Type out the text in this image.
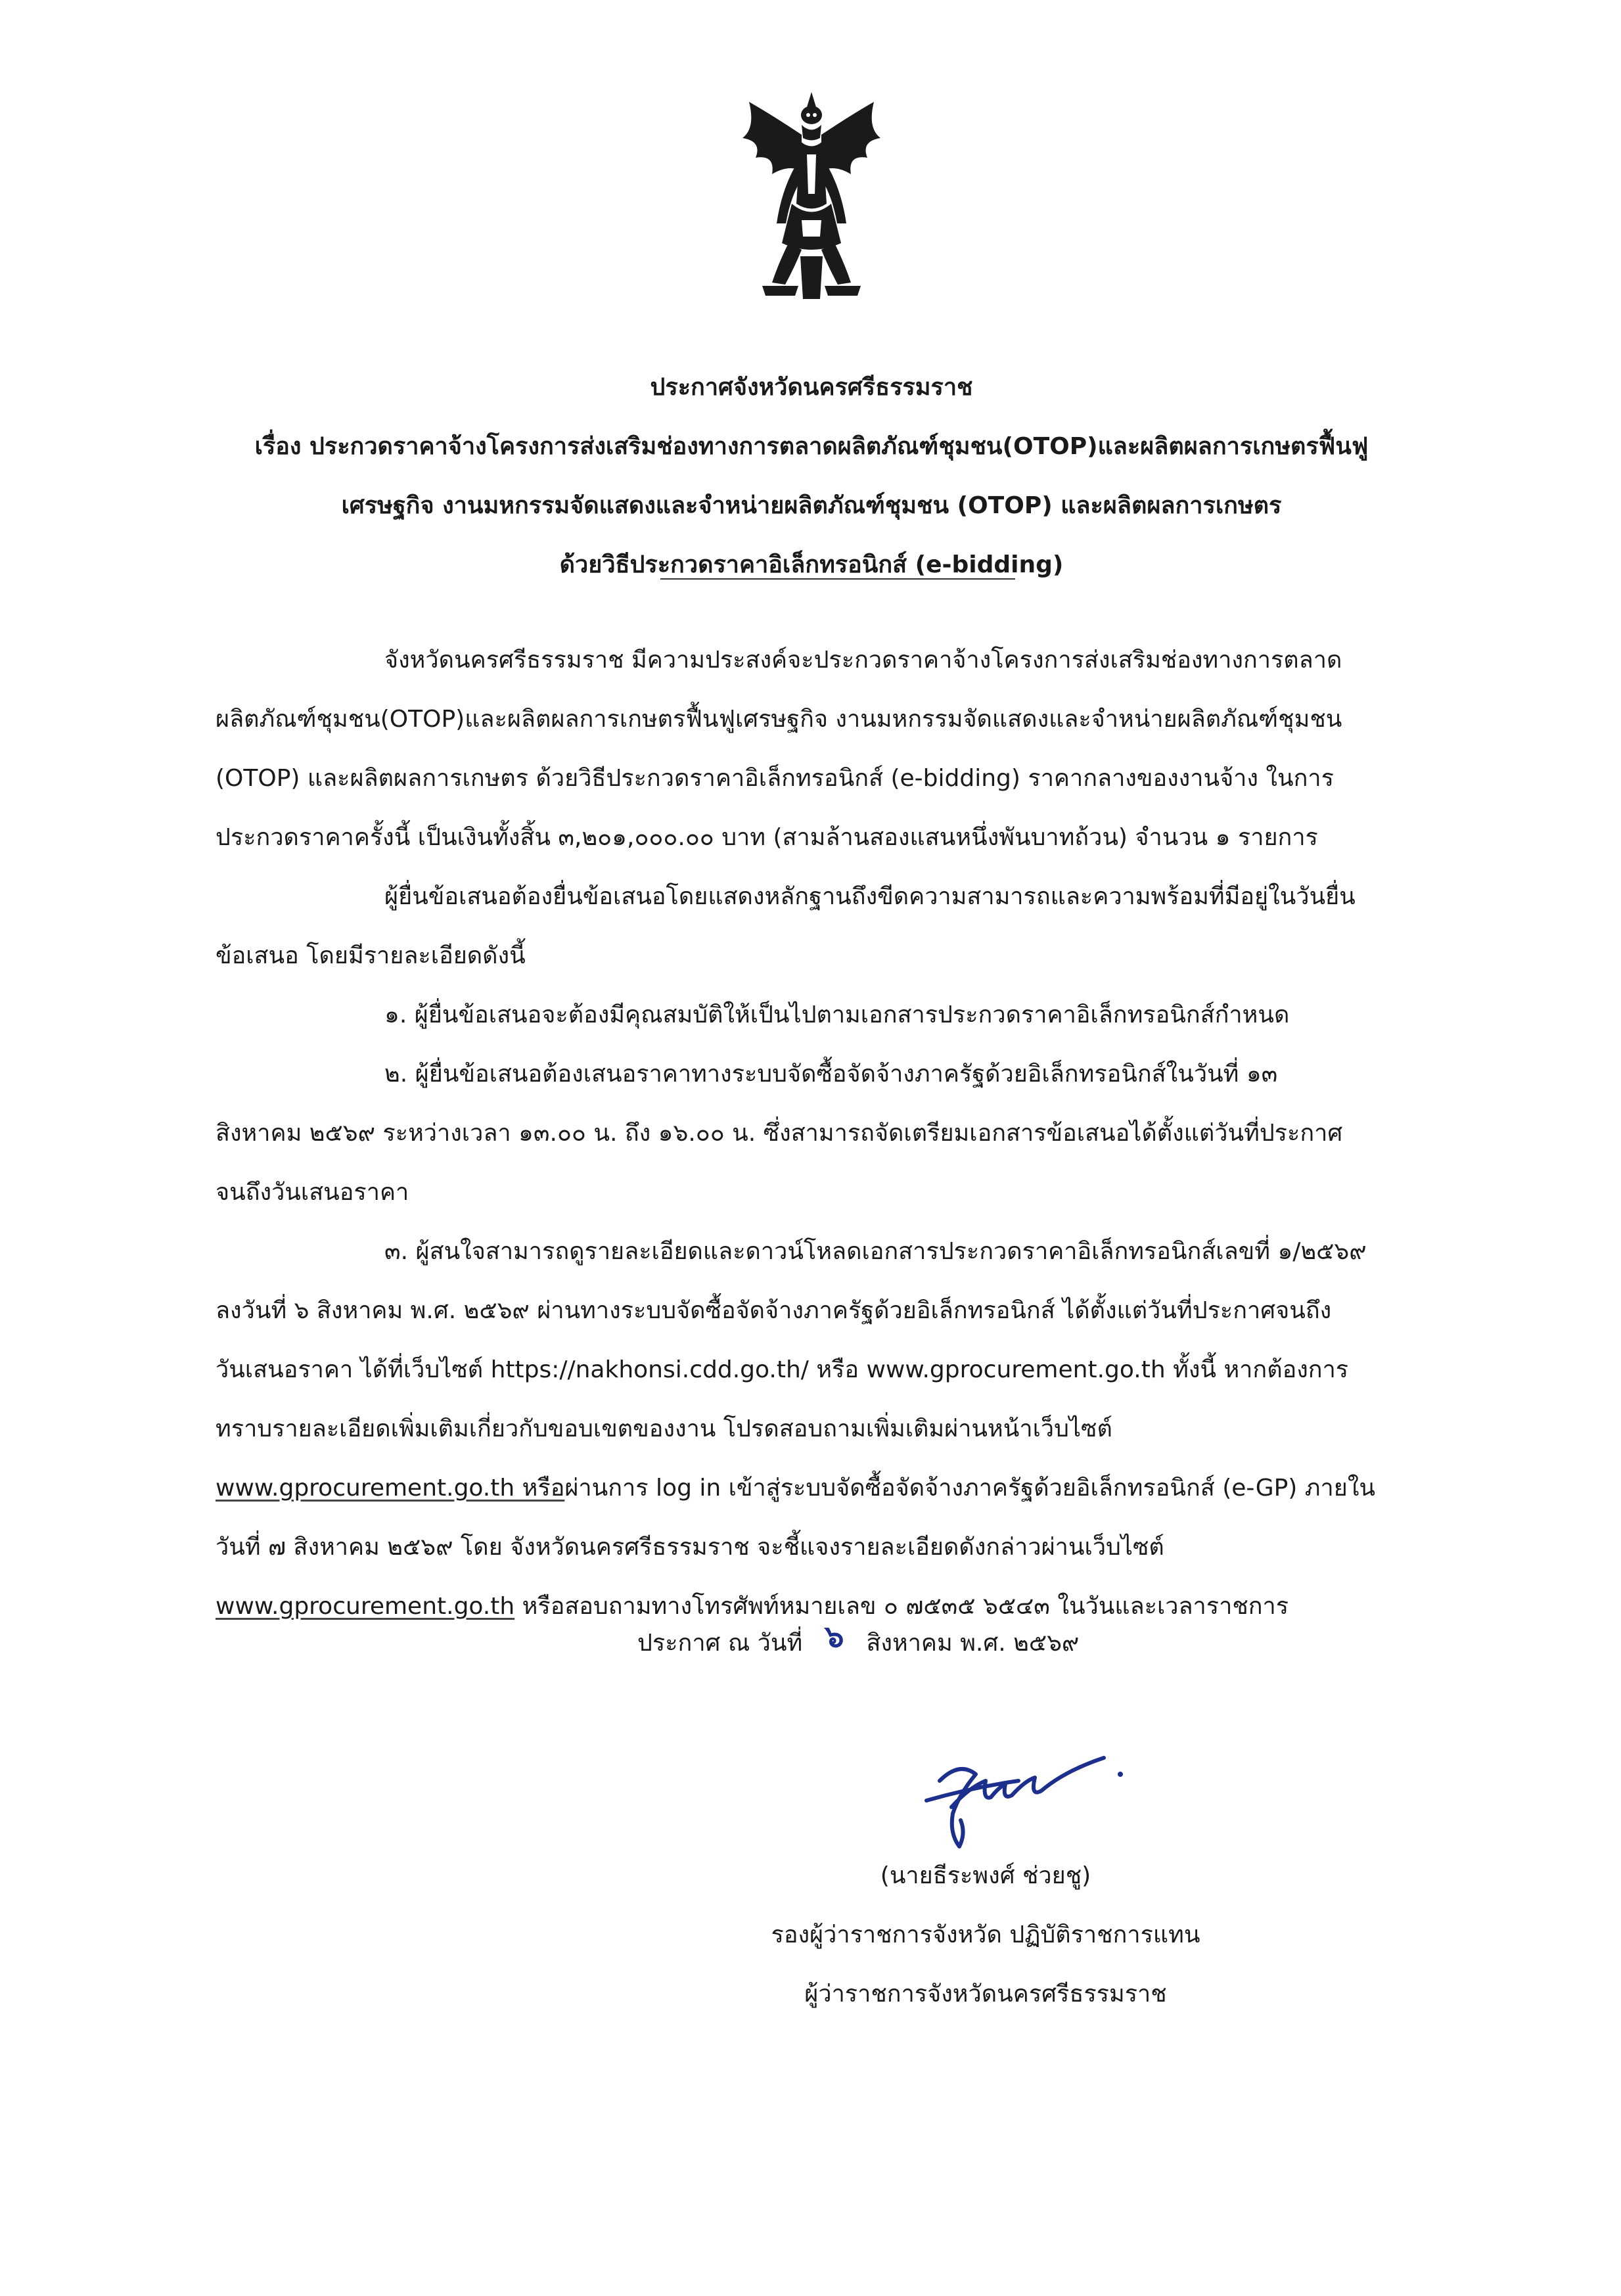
ประกาศจังหวัดนครศรีธรรมราช

เรื่อง ประกวดราคาจ้างโครงการส่งเสริมช่องทางการตลาดผลิตภัณฑ์ชุมชน(OTOP)และผลิตผลการเกษตรฟื้นฟู

เศรษฐกิจ งานมหกรรมจัดแสดงและจำหน่ายผลิตภัณฑ์ชุมชน (OTOP) และผลิตผลการเกษตร

ด้วยวิธีประกวดราคาอิเล็กทรอนิกส์ (e-bidding)

จังหวัดนครศรีธรรมราช มีความประสงค์จะประกวดราคาจ้างโครงการส่งเสริมช่องทางการตลาด

ผลิตภัณฑ์ชุมชน(OTOP)และผลิตผลการเกษตรฟื้นฟูเศรษฐกิจ งานมหกรรมจัดแสดงและจำหน่ายผลิตภัณฑ์ชุมชน

(OTOP) และผลิตผลการเกษตร ด้วยวิธีประกวดราคาอิเล็กทรอนิกส์ (e-bidding) ราคากลางของงานจ้าง ในการ

ประกวดราคาครั้งนี้ เป็นเงินทั้งสิ้น ๓,๒๐๑,๐๐๐.๐๐ บาท (สามล้านสองแสนหนึ่งพันบาทถ้วน) จำนวน ๑ รายการ

ผู้ยื่นข้อเสนอต้องยื่นข้อเสนอโดยแสดงหลักฐานถึงขีดความสามารถและความพร้อมที่มีอยู่ในวันยื่น

ข้อเสนอ โดยมีรายละเอียดดังนี้

๑. ผู้ยื่นข้อเสนอจะต้องมีคุณสมบัติให้เป็นไปตามเอกสารประกวดราคาอิเล็กทรอนิกส์กำหนด

๒. ผู้ยื่นข้อเสนอต้องเสนอราคาทางระบบจัดซื้อจัดจ้างภาครัฐด้วยอิเล็กทรอนิกส์ในวันที่ ๑๓

สิงหาคม ๒๕๖๙ ระหว่างเวลา ๑๓.๐๐ น. ถึง ๑๖.๐๐ น. ซึ่งสามารถจัดเตรียมเอกสารข้อเสนอได้ตั้งแต่วันที่ประกาศ

จนถึงวันเสนอราคา

๓. ผู้สนใจสามารถดูรายละเอียดและดาวน์โหลดเอกสารประกวดราคาอิเล็กทรอนิกส์เลขที่ ๑/๒๕๖๙

ลงวันที่ ๖ สิงหาคม พ.ศ. ๒๕๖๙ ผ่านทางระบบจัดซื้อจัดจ้างภาครัฐด้วยอิเล็กทรอนิกส์ ได้ตั้งแต่วันที่ประกาศจนถึง

วันเสนอราคา ได้ที่เว็บไซต์ https://nakhonsi.cdd.go.th/ หรือ www.gprocurement.go.th ทั้งนี้ หากต้องการ

ทราบรายละเอียดเพิ่มเติมเกี่ยวกับขอบเขตของงาน โปรดสอบถามเพิ่มเติมผ่านหน้าเว็บไซต์

www.gprocurement.go.th หรือผ่านการ log in เข้าสู่ระบบจัดซื้อจัดจ้างภาครัฐด้วยอิเล็กทรอนิกส์ (e-GP) ภายใน

วันที่ ๗ สิงหาคม ๒๕๖๙ โดย จังหวัดนครศรีธรรมราช จะชี้แจงรายละเอียดดังกล่าวผ่านเว็บไซต์

www.gprocurement.go.th หรือสอบถามทางโทรศัพท์หมายเลข ๐ ๗๕๓๕ ๖๕๔๓ ในวันและเวลาราชการ

ประกาศ ณ วันที่ ๖ สิงหาคม พ.ศ. ๒๕๖๙

(นายธีระพงศ์ ช่วยชู)

รองผู้ว่าราชการจังหวัด ปฏิบัติราชการแทน

ผู้ว่าราชการจังหวัดนครศรีธรรมราช
